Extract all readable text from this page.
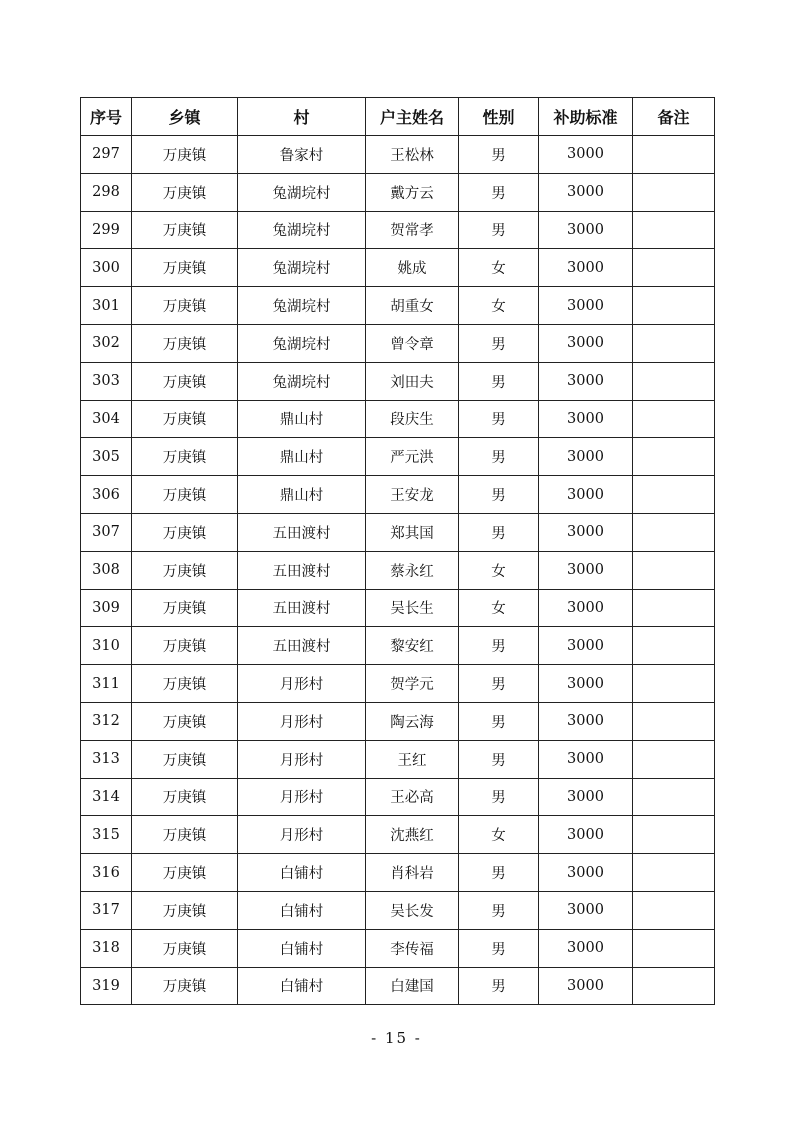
序号	乡镇	村	户主姓名	性别	补助标准	备注
297	万庚镇	鲁家村	王松林	男	3000	
298	万庚镇	兔湖垸村	戴方云	男	3000	
299	万庚镇	兔湖垸村	贺常孝	男	3000	
300	万庚镇	兔湖垸村	姚成	女	3000	
301	万庚镇	兔湖垸村	胡重女	女	3000	
302	万庚镇	兔湖垸村	曾令章	男	3000	
303	万庚镇	兔湖垸村	刘田夫	男	3000	
304	万庚镇	鼎山村	段庆生	男	3000	
305	万庚镇	鼎山村	严元洪	男	3000	
306	万庚镇	鼎山村	王安龙	男	3000	
307	万庚镇	五田渡村	郑其国	男	3000	
308	万庚镇	五田渡村	蔡永红	女	3000	
309	万庚镇	五田渡村	吴长生	女	3000	
310	万庚镇	五田渡村	黎安红	男	3000	
311	万庚镇	月形村	贺学元	男	3000	
312	万庚镇	月形村	陶云海	男	3000	
313	万庚镇	月形村	王红	男	3000	
314	万庚镇	月形村	王必高	男	3000	
315	万庚镇	月形村	沈燕红	女	3000	
316	万庚镇	白铺村	肖科岩	男	3000	
317	万庚镇	白铺村	吴长发	男	3000	
318	万庚镇	白铺村	李传福	男	3000	
319	万庚镇	白铺村	白建国	男	3000	
- 15 -
